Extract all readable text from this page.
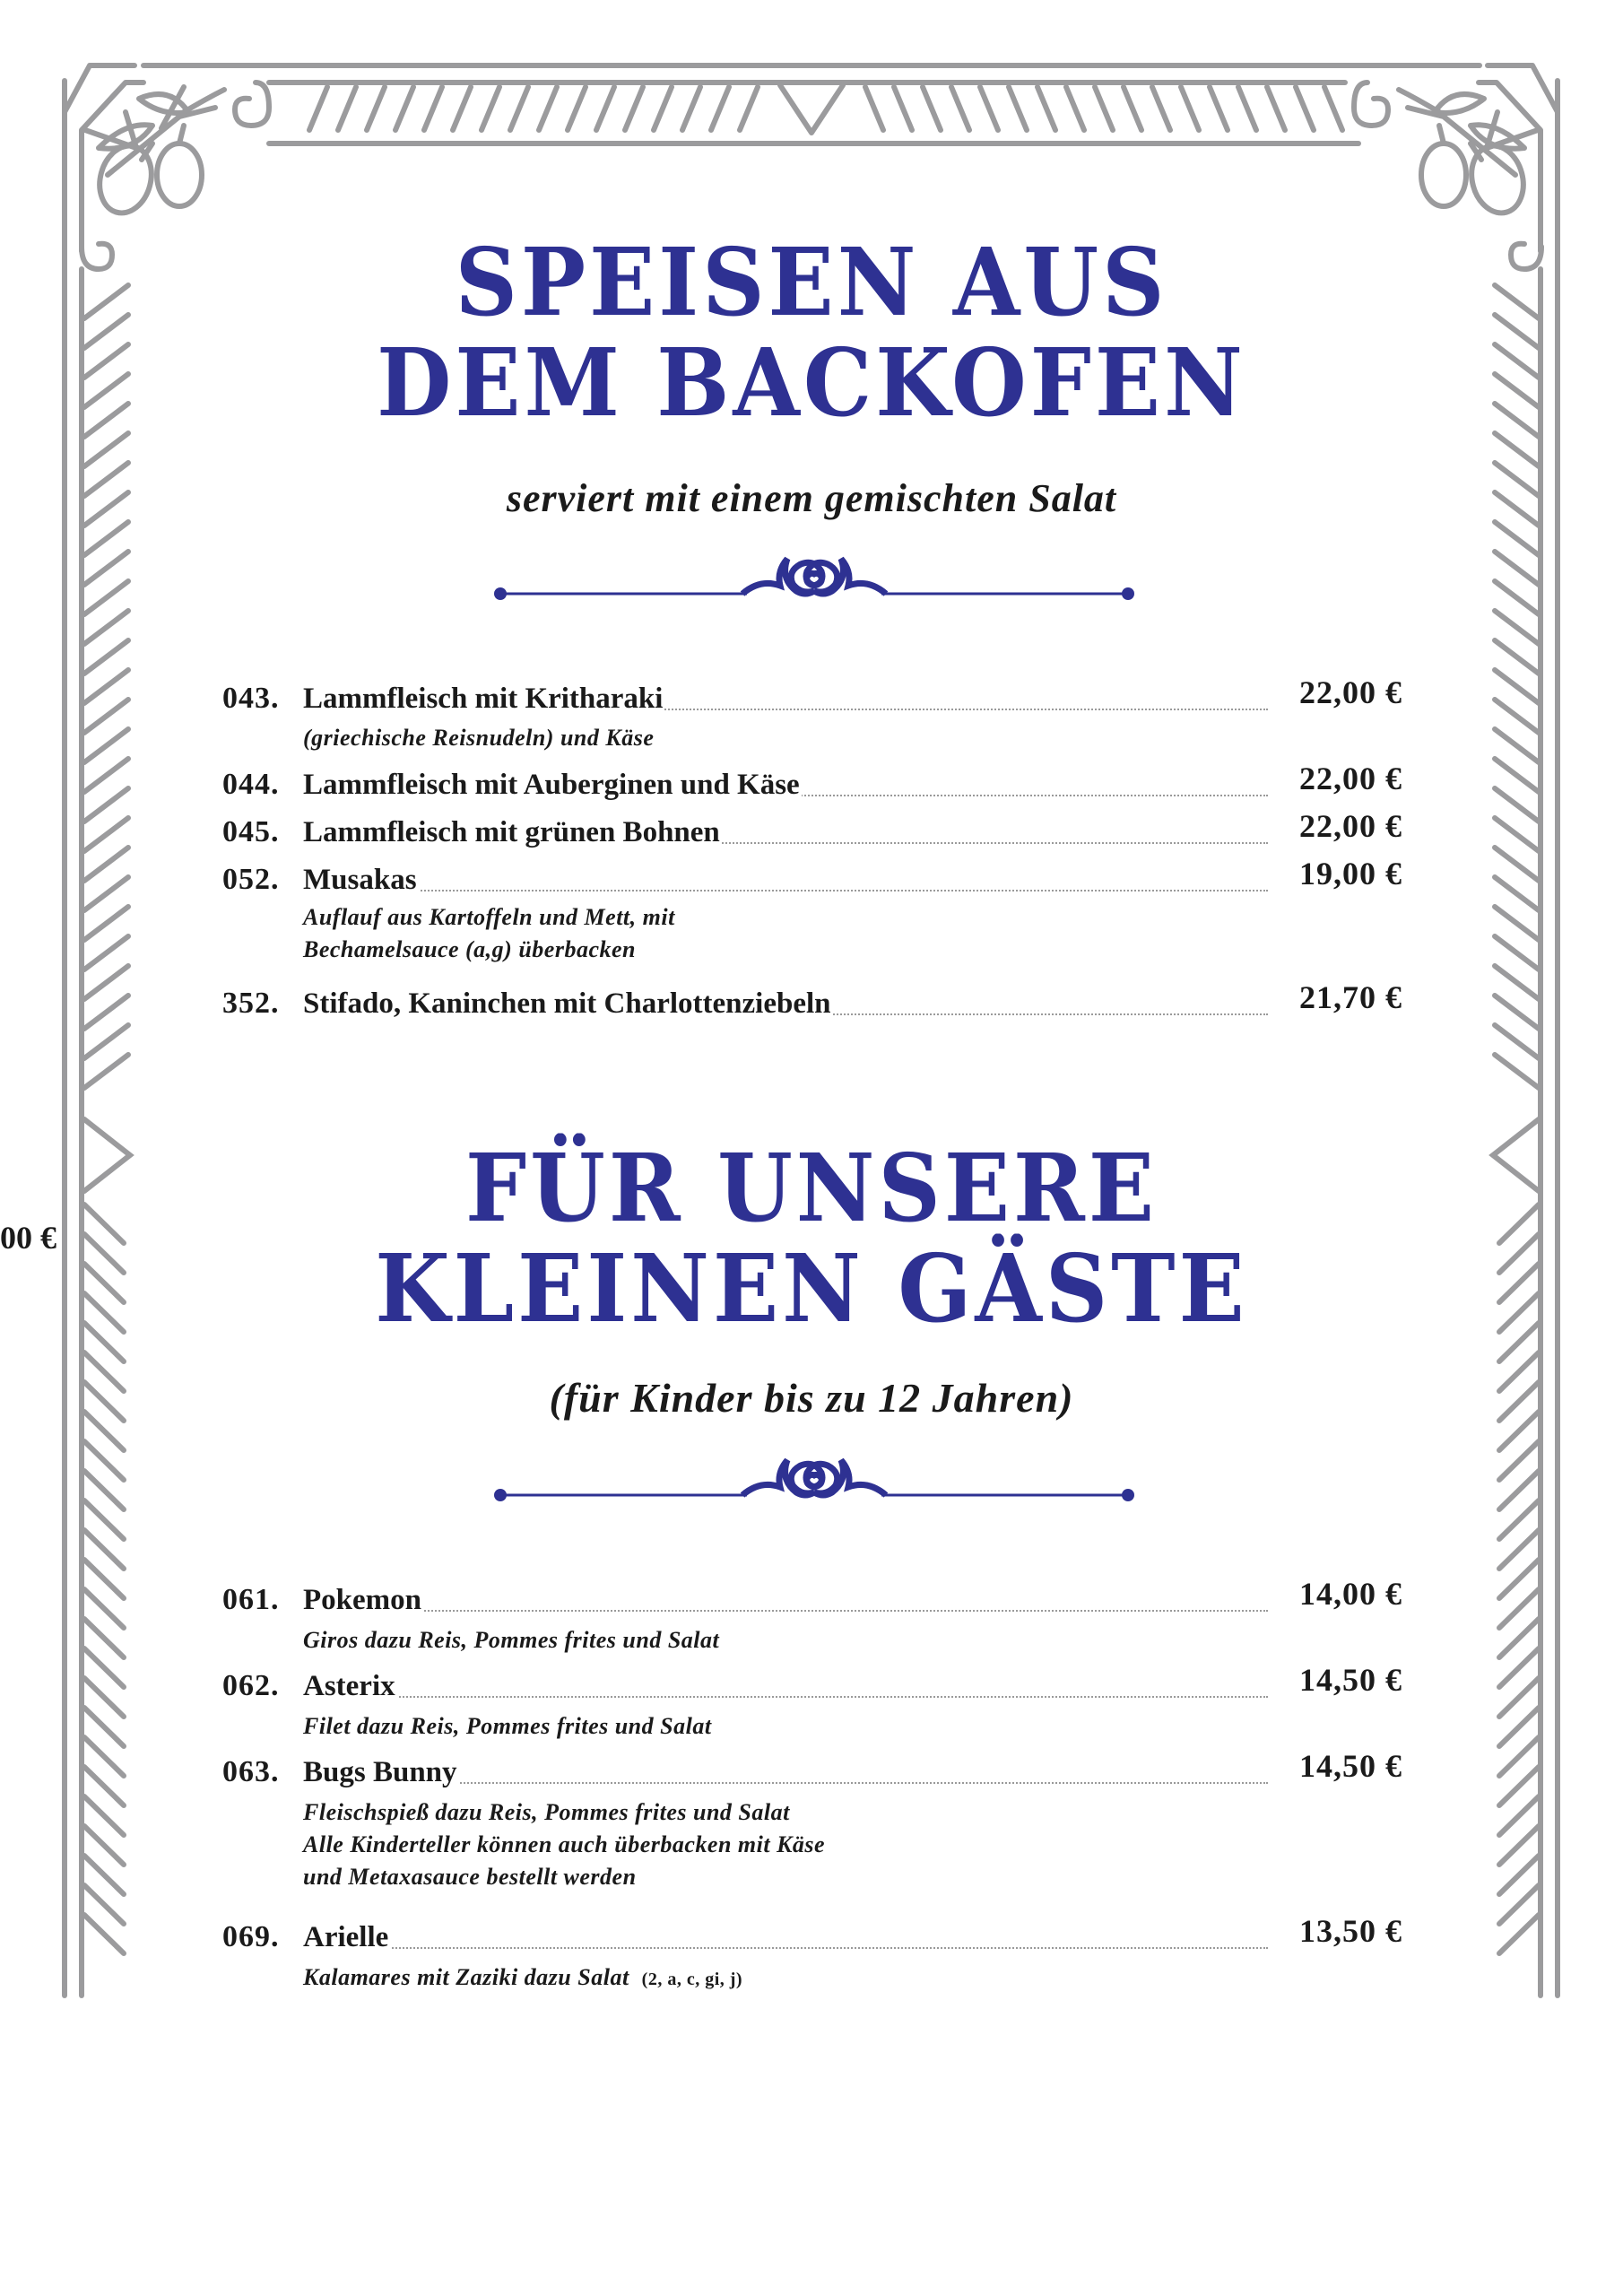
00 €
SPEISEN AUS
DEM BACKOFEN
serviert mit einem gemischten Salat
043. Lammfleisch mit Kritharaki	22,00 €
(griechische Reisnudeln) und Käse
044. Lammfleisch mit Auberginen und Käse	22,00 €
045. Lammfleisch mit grünen Bohnen	22,00 €
052. Musakas	19,00 €
Auflauf aus Kartoffeln und Mett, mit
Bechamelsauce (a,g) überbacken
352. Stifado, Kaninchen mit Charlottenziebeln	21,70 €
FÜR UNSERE
KLEINEN GÄSTE
(für Kinder bis zu 12 Jahren)
061. Pokemon	14,00 €
Giros dazu Reis, Pommes frites und Salat
062. Asterix	14,50 €
Filet dazu Reis, Pommes frites und Salat
063. Bugs Bunny	14,50 €
Fleischspieß dazu Reis, Pommes frites und Salat
Alle Kinderteller können auch überbacken mit Käse
und Metaxasauce bestellt werden
069. Arielle	13,50 €
Kalamares mit Zaziki dazu Salat (2, a, c, gi, j)
